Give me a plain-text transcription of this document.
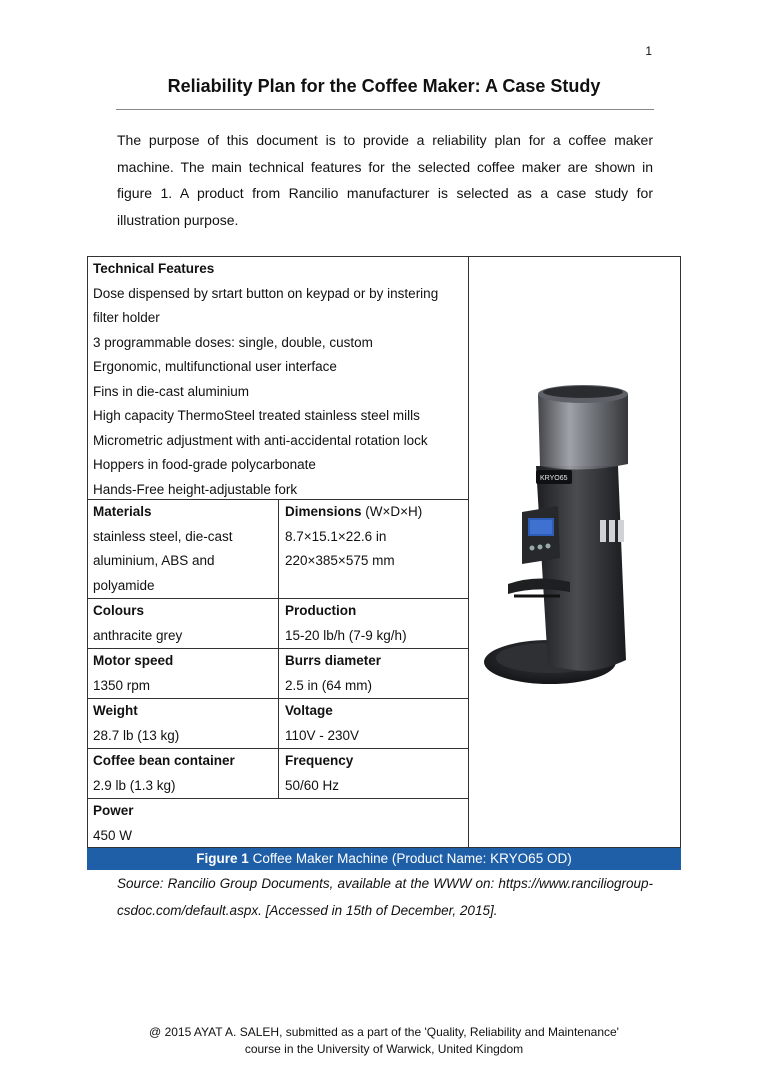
1
Reliability Plan for the Coffee Maker: A Case Study

The purpose of this document is to provide a reliability plan for a coffee maker machine. The main technical features for the selected coffee maker are shown in figure 1. A product from Rancilio manufacturer is selected as a case study for illustration purpose.

Technical Features
Dose dispensed by srtart button on keypad or by instering filter holder
3 programmable doses: single, double, custom
Ergonomic, multifunctional user interface
Fins in die-cast aluminium
High capacity ThermoSteel treated stainless steel mills
Micrometric adjustment with anti-accidental rotation lock
Hoppers in food-grade polycarbonate
Hands-Free height-adjustable fork
Materials
stainless steel, die-cast aluminium, ABS and polyamide
Dimensions (W×D×H)
8.7×15.1×22.6 in
220×385×575 mm
Colours
anthracite grey
Production
15-20 lb/h (7-9 kg/h)
Motor speed
1350 rpm
Burrs diameter
2.5 in (64 mm)
Weight
28.7 lb (13 kg)
Voltage
110V - 230V
Coffee bean container
2.9 lb (1.3 kg)
Frequency
50/60 Hz
Power
450 W
KRYO65
Figure 1 Coffee Maker Machine (Product Name: KRYO65 OD)
Source: Rancilio Group Documents, available at the WWW on: https://www.ranciliogroup-csdoc.com/default.aspx. [Accessed in 15th of December, 2015].
@ 2015 AYAT A. SALEH, submitted as a part of the 'Quality, Reliability and Maintenance'
course in the University of Warwick, United Kingdom
